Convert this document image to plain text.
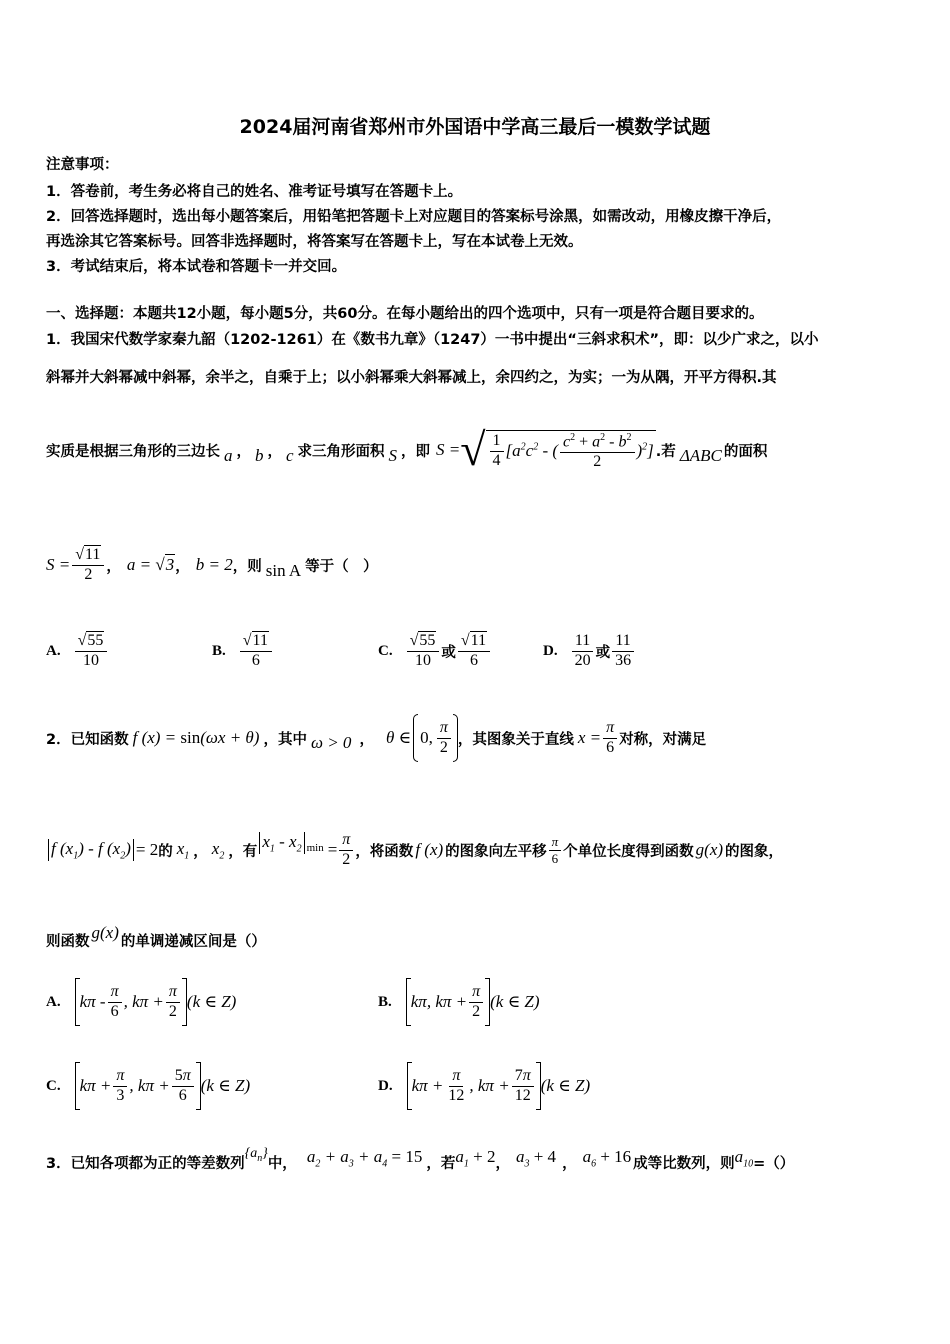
2024届河南省郑州市外国语中学高三最后一模数学试题
注意事项：
1．答卷前，考生务必将自己的姓名、准考证号填写在答题卡上。
2．回答选择题时，选出每小题答案后，用铅笔把答题卡上对应题目的答案标号涂黑，如需改动，用橡皮擦干净后，
再选涂其它答案标号。回答非选择题时，将答案写在答题卡上，写在本试卷上无效。
3．考试结束后，将本试卷和答题卡一并交回。
一、选择题：本题共12小题，每小题5分，共60分。在每小题给出的四个选项中，只有一项是符合题目要求的。
1．我国宋代数学家秦九韶（1202-1261）在《数书九章》（1247）一书中提出“三斜求积术”，即：以少广求之，以小
斜幂并大斜幂减中斜幂，余半之，自乘于上；以小斜幂乘大斜幂减上，余四约之，为实；一为从隅，开平方得积.其
实质是根据三角形的三边长 a ， b ， c 求三角形面积 S ，即 S = √ $\frac{1}{4} [a^2c^2$ - ( $\frac{c^2 + a^2 - b^2}{2} )^2$] .若 ΔABC 的面积
$S = \frac{√11}{2}$ ， a = √3 ， b = 2 ，则 sin A 等于（　）
A. $\frac{√55}{10}$	B. $\frac{√11}{6}$	C. $\frac{√55}{10}$ 或 $\frac{√11}{6}$	D. $\frac{11}{20}$ 或 $\frac{11}{36}$
2．已知函数 f (x) = sin(ωx + θ) ，其中 ω > 0 ， θ ∈ 0, $\frac{\pi}{2}$ ，其图象关于直线 $x = \frac{\pi}{6}$ 对称，对满足
f $(x_1)$ - f $(x_2) = 2$ 的 $x_1$ ， $x_2$ ，有
$x_1 - x_2$ $\min = \frac{\pi}{2}$ ，将函数 f (x) 的图象向左平移 $\frac{\pi}{6}$ 个单位长度得到函数 g(x) 的图象，
则函数 g(x) 的单调递减区间是（）
A. kπ - $\frac{\pi}{6}$ , $k\pi + \frac{\pi}{2} (k$ ∈ Z)	B. kπ, $k\pi + \frac{\pi}{2} (k$ ∈ Z)
C. $k\pi + \frac{\pi}{3}$ , $k\pi + \frac{5\pi}{6} (k$ ∈ Z)	D. $k\pi + \frac{\pi}{12}$ , $k\pi + \frac{7\pi}{12} (k$ ∈ Z)
3．已知各项都为正的等差数列
$\{a_n\}$
中， $a_2 + a_3 + a_4 = 15$ ，若 $a_1 + 2$ ， $a_3 + 4$ ， $a_6 + 16$ 成等比数列，则 $a_{10}$ =（）
